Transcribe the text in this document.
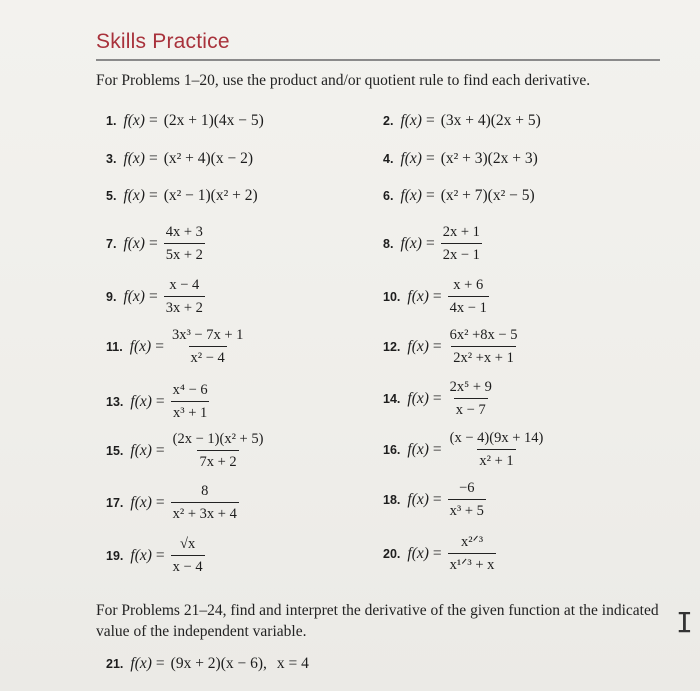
Skills Practice
For Problems 1–20, use the product and/or quotient rule to find each derivative.
1. f(x) = (2x + 1)(4x − 5)	2. f(x) = (3x + 4)(2x + 5)
3. f(x) = (x² + 4)(x − 2)	4. f(x) = (x² + 3)(2x + 3)
5. f(x) = (x² − 1)(x² + 2)	6. f(x) = (x² + 7)(x² − 5)
7. $f(x) = \frac{4x + 3}{5x + 2}$	8. $f(x) = \frac{2x + 1}{2x - 1}$
9. $f(x) = \frac{x - 4}{3x + 2}$	10. $f(x) = \frac{x + 6}{4x - 1}$
11. $f(x) = \frac{\text{3x³ − 7x + 1}}{\text{x² − 4}}$	12. $f(x) = \frac{\text{6x² +8x − 5}}{\text{2x² +x + 1}}$
13. $f(x) = \frac{\text{x⁴ − 6}}{\text{x³ + 1}}$	14. $f(x) = \frac{\text{2x⁵ + 9}}{x - 7}$
15. $f(x) = \frac{\text{(2x − 1)(x² + 5)}}{7x + 2}$	16. $f(x) = \frac{(x - 4)(9x + 14)}{\text{x² + 1}}$
17. $f(x) = \frac{8}{\text{x² + 3x + 4}}$	18. $f(x) = \frac{-6}{\text{x³ + 5}}$
19. $f(x) = \frac{√x}{x - 4}$	20. $f(x) = \frac{\text{x²ᐟ³}}{\text{x¹ᐟ³ + x}}$
For Problems 21–24, find and interpret the derivative of the given function at the indicated value of the independent variable.
21. f(x) = (9x + 2)(x − 6), x = 4
I
